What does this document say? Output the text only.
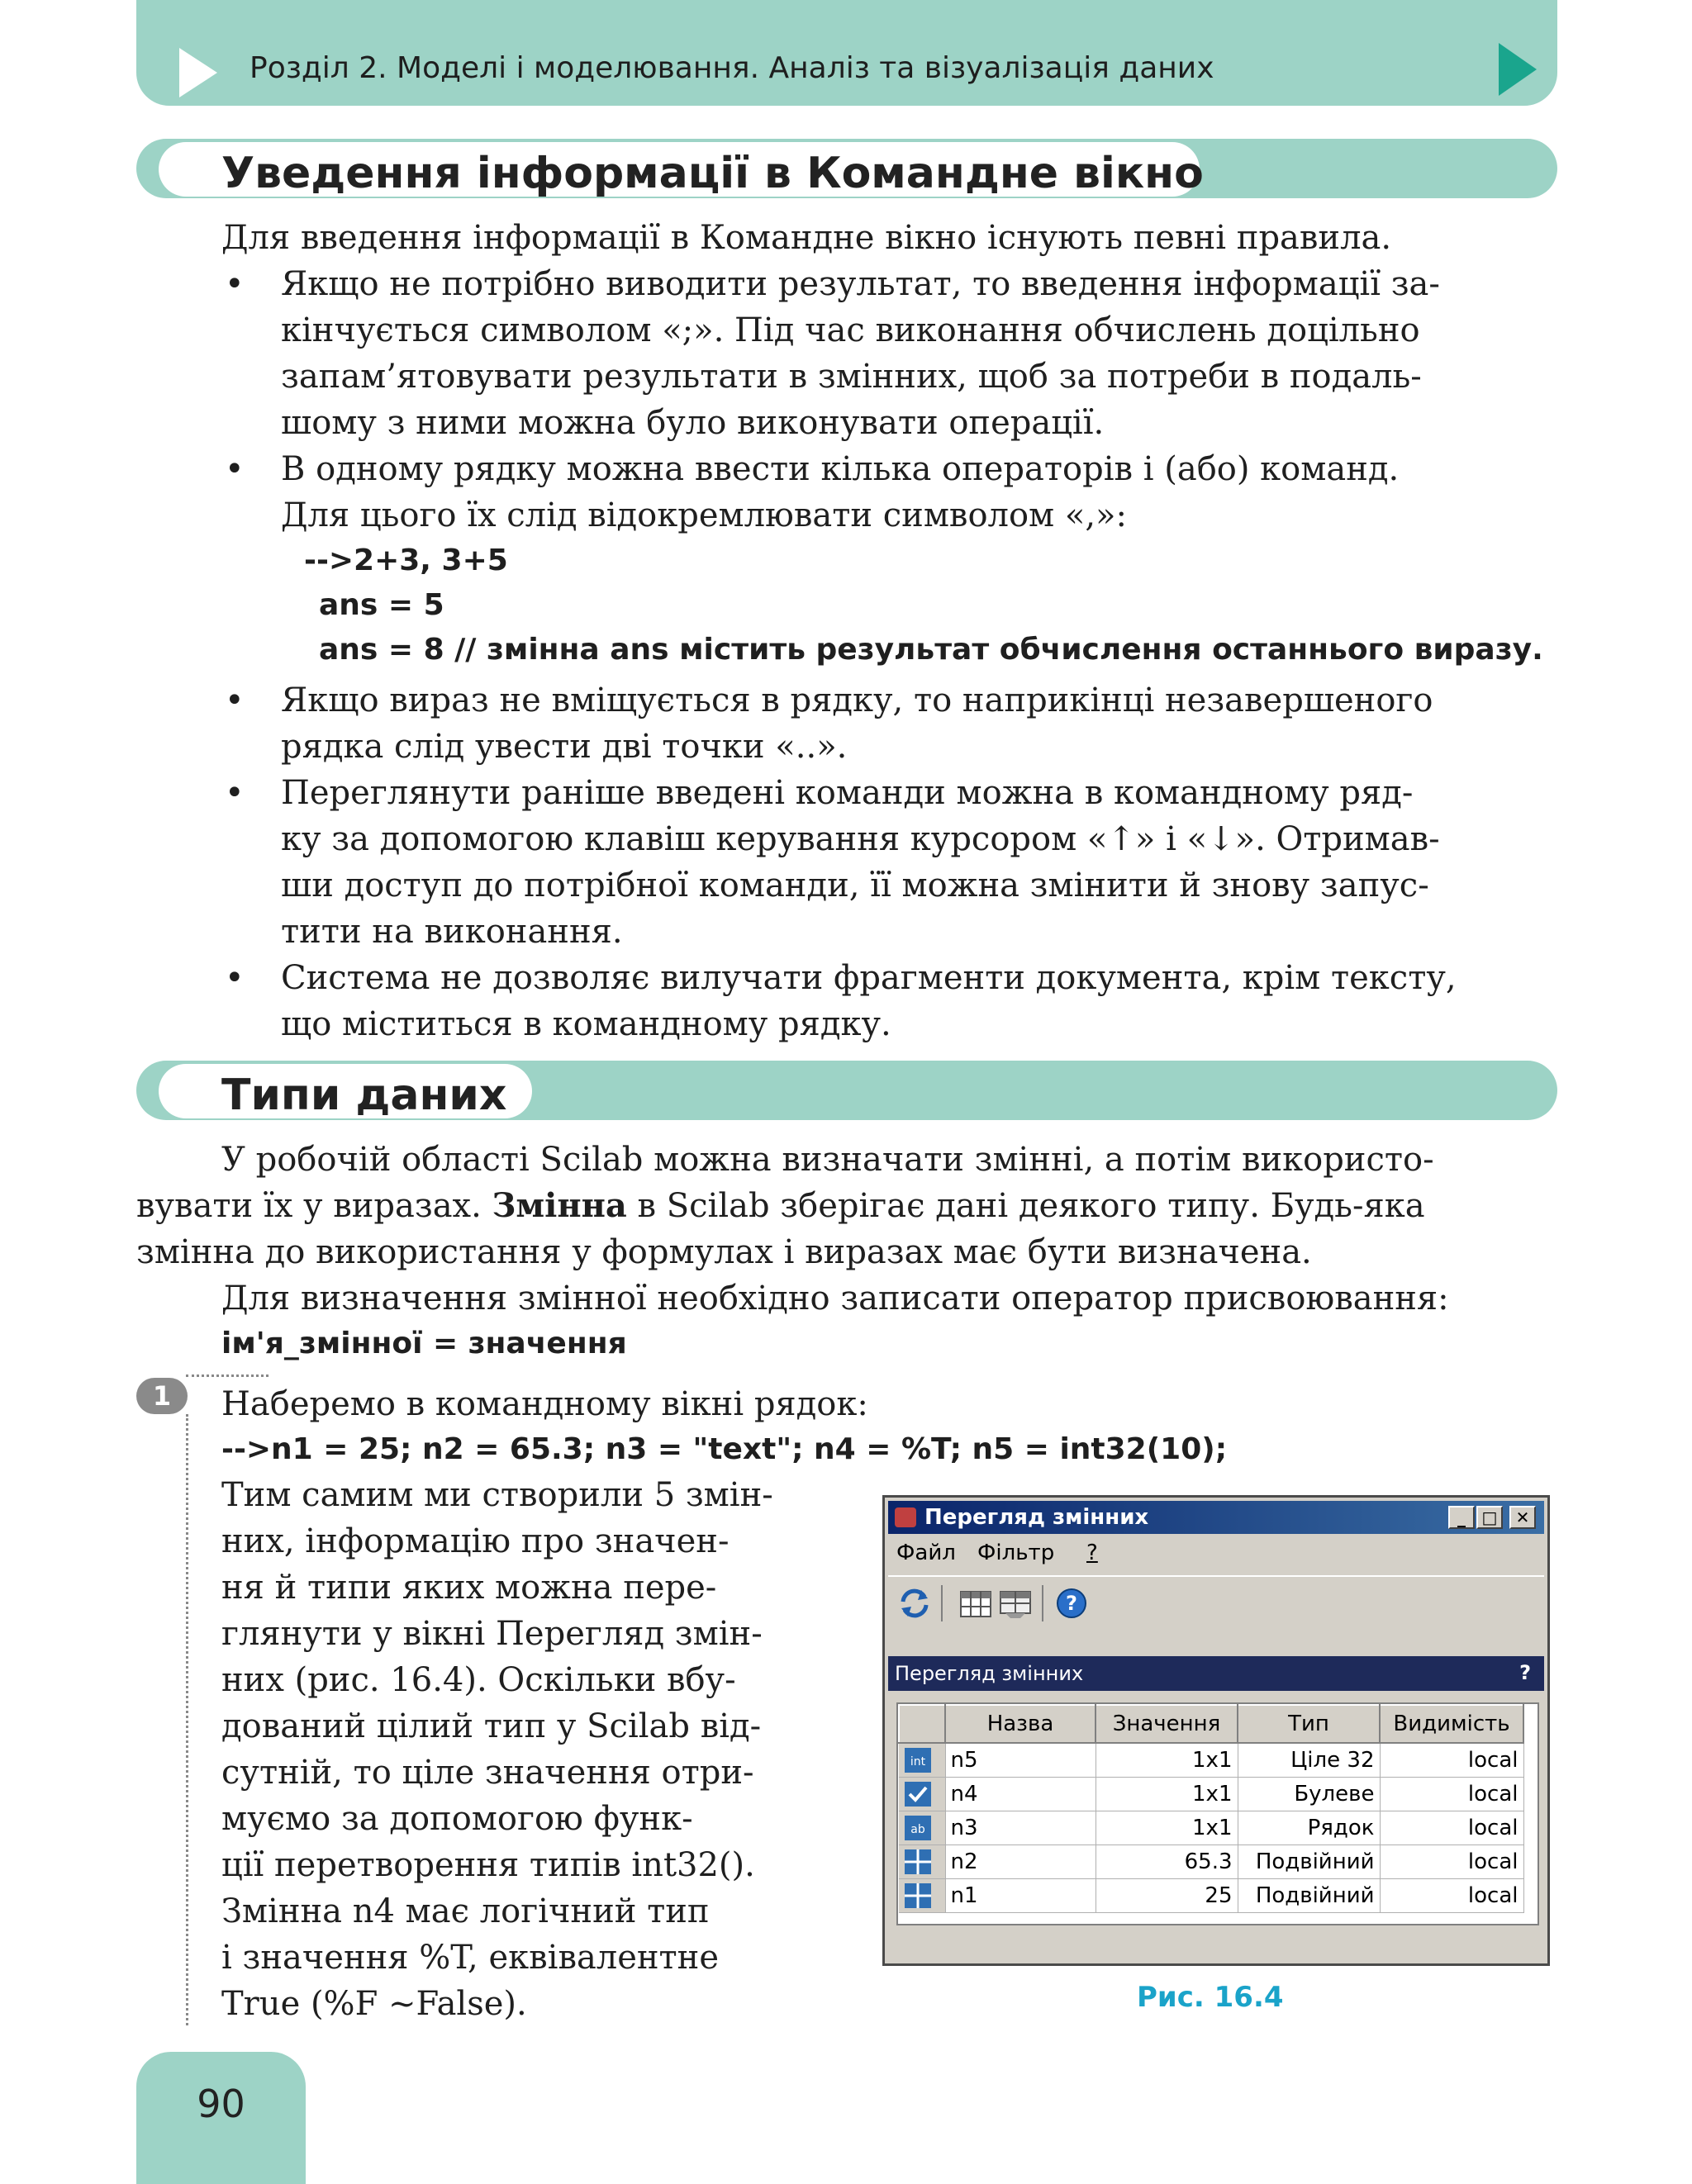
Розділ 2. Моделі і моделювання. Аналіз та візуалізація даних
Уведення інформації в Командне вікно
Для введення інформації в Командне вікно існують певні правила.
• Якщо не потрібно виводити результат, то введення інформації за-
кінчується символом «;». Під час виконання обчислень доцільно
запам’ятовувати результати в змінних, щоб за потреби в подаль-
шому з ними можна було виконувати операції.
• В одному рядку можна ввести кілька операторів і (або) команд.
Для цього їх слід відокремлювати символом «,»:
-->2+3, 3+5
ans = 5
ans = 8 // змінна ans містить результат обчислення останнього виразу.
• Якщо вираз не вміщується в рядку, то наприкінці незавершеного
рядка слід увести дві точки «..».
• Переглянути раніше введені команди можна в командному ряд-
ку за допомогою клавіш керування курсором «↑» і «↓». Отримав-
ши доступ до потрібної команди, її можна змінити й знову запус-
тити на виконання.
• Система не дозволяє вилучати фрагменти документа, крім тексту,
що міститься в командному рядку.
Типи даних
У робочій області Scilab можна визначати змінні, а потім використо-
вувати їх у виразах. Змінна в Scilab зберігає дані деякого типу. Будь-яка
змінна до використання у формулах і виразах має бути визначена.
Для визначення змінної необхідно записати оператор присвоювання:
ім'я_змінної = значення
1	Наберемо в командному вікні рядок:
-->n1 = 25; n2 = 65.3; n3 = "text"; n4 = %T; n5 = int32(10);
Тим самим ми створили 5 змін-
них, інформацію про значен-
ня й типи яких можна пере-
глянути у вікні Перегляд змін-
них (рис. 16.4). Оскільки вбу-
дований цілий тип у Scilab від-
сутній, то ціле значення отри-
муємо за допомогою функ-
ції перетворення типів int32().
Змінна n4 має логічний тип
і значення %T, еквівалентне
True (%F ~False).
Перегляд змінних	_ □	✕
Файл Фільтр ?
?
Перегляд змінних	?
	Назва	Значення	Тип	Видимість

int	n5	1x1	Ціле 32	local
	n4	1x1	Булеве	local

ab	n3	1x1	Рядок	local
	n2	65.3	Подвійний	local
	n1	25	Подвійний	local
Рис. 16.4
90
